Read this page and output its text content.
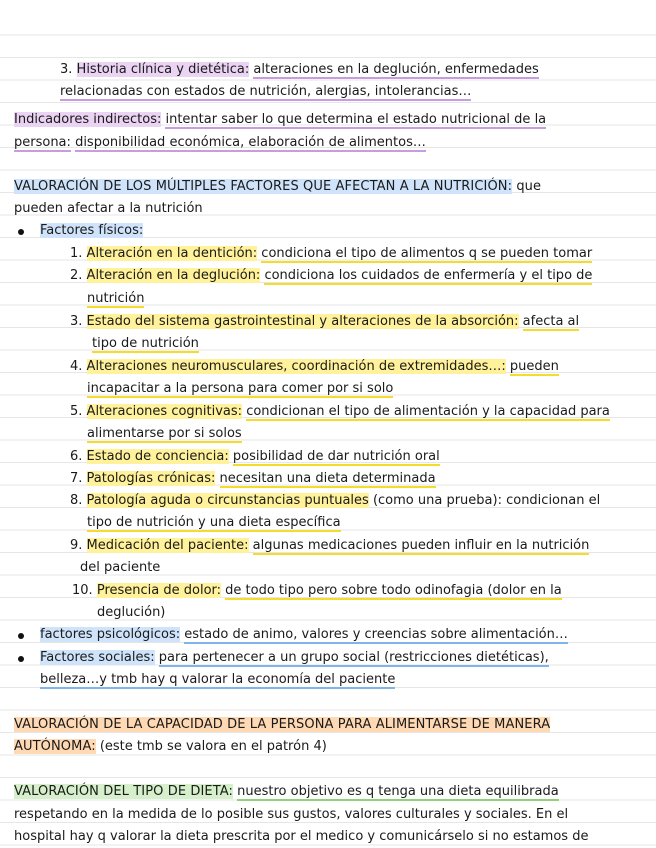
3. Historia clínica y dietética: alteraciones en la deglución, enfermedades
relacionadas con estados de nutrición, alergias, intolerancias…
Indicadores indirectos: intentar saber lo que determina el estado nutricional de la
persona: disponibilidad económica, elaboración de alimentos…
VALORACIÓN DE LOS MÚLTIPLES FACTORES QUE AFECTAN A LA NUTRICIÓN: que
pueden afectar a la nutrición
Factores físicos:
1. Alteración en la dentición: condiciona el tipo de alimentos q se pueden tomar
2. Alteración en la deglución: condiciona los cuidados de enfermería y el tipo de
nutrición
3. Estado del sistema gastrointestinal y alteraciones de la absorción: afecta al
tipo de nutrición
4. Alteraciones neuromusculares, coordinación de extremidades…: pueden
incapacitar a la persona para comer por si solo
5. Alteraciones cognitivas: condicionan el tipo de alimentación y la capacidad para
alimentarse por si solos
6. Estado de conciencia: posibilidad de dar nutrición oral
7. Patologías crónicas: necesitan una dieta determinada
8. Patología aguda o circunstancias puntuales (como una prueba): condicionan el
tipo de nutrición y una dieta específica
9. Medicación del paciente: algunas medicaciones pueden influir en la nutrición
del paciente
10. Presencia de dolor: de todo tipo pero sobre todo odinofagia (dolor en la
deglución)
factores psicológicos: estado de animo, valores y creencias sobre alimentación…
Factores sociales: para pertenecer a un grupo social (restricciones dietéticas),
belleza…y tmb hay q valorar la economía del paciente
VALORACIÓN DE LA CAPACIDAD DE LA PERSONA PARA ALIMENTARSE DE MANERA
AUTÓNOMA: (este tmb se valora en el patrón 4)
VALORACIÓN DEL TIPO DE DIETA: nuestro objetivo es q tenga una dieta equilibrada
respetando en la medida de lo posible sus gustos, valores culturales y sociales. En el
hospital hay q valorar la dieta prescrita por el medico y comunicárselo si no estamos de
